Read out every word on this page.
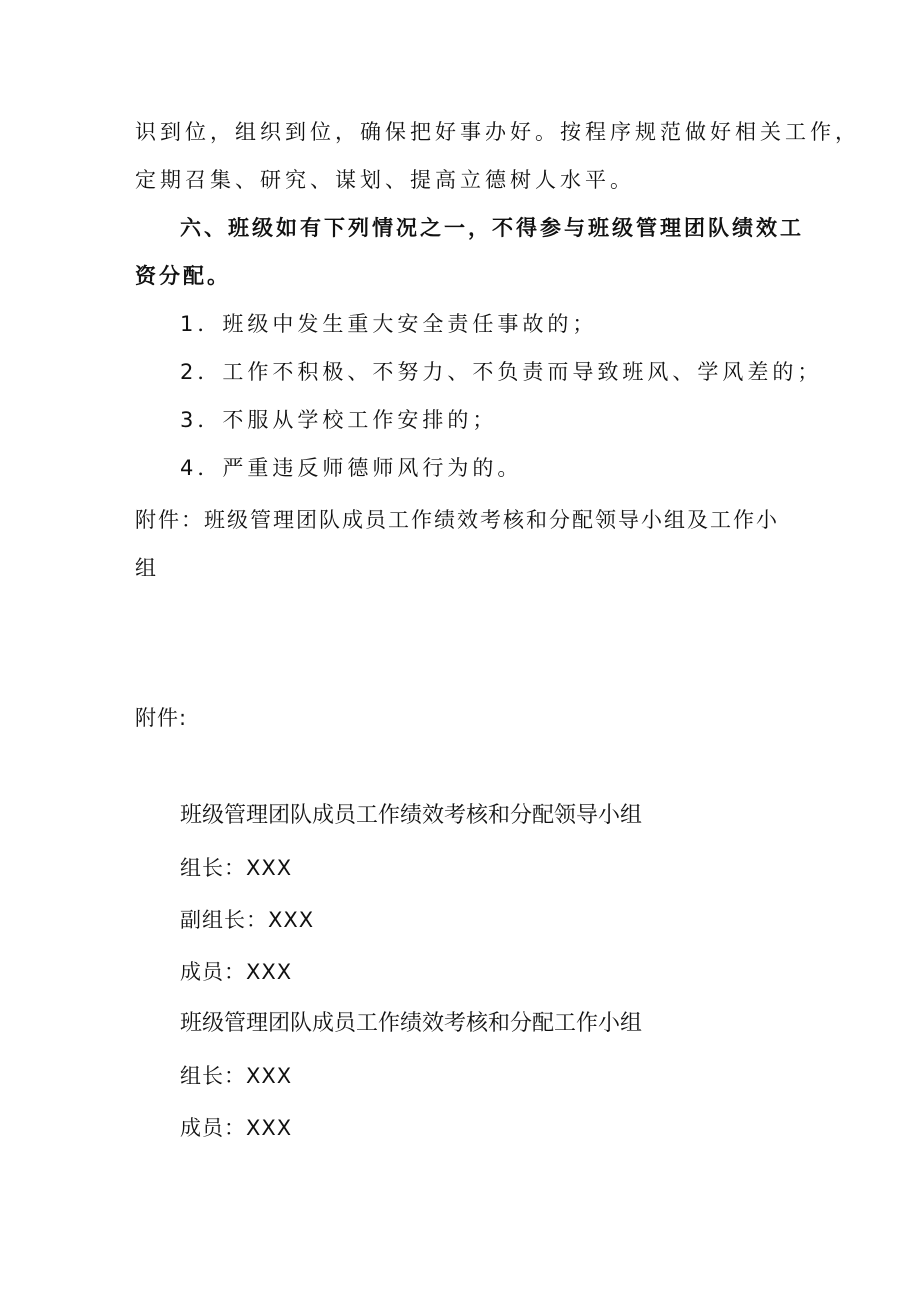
识到位，组织到位，确保把好事办好。按程序规范做好相关工作，
定期召集、研究、谋划、提高立德树人水平。
六、班级如有下列情况之一，不得参与班级管理团队绩效工
资分配。
1．班级中发生重大安全责任事故的；
2．工作不积极、不努力、不负责而导致班风、学风差的；
3．不服从学校工作安排的；
4．严重违反师德师风行为的。
附件：班级管理团队成员工作绩效考核和分配领导小组及工作小
组
附件:
班级管理团队成员工作绩效考核和分配领导小组
组长：XXX
副组长：XXX
成员：XXX
班级管理团队成员工作绩效考核和分配工作小组
组长：XXX
成员：XXX
